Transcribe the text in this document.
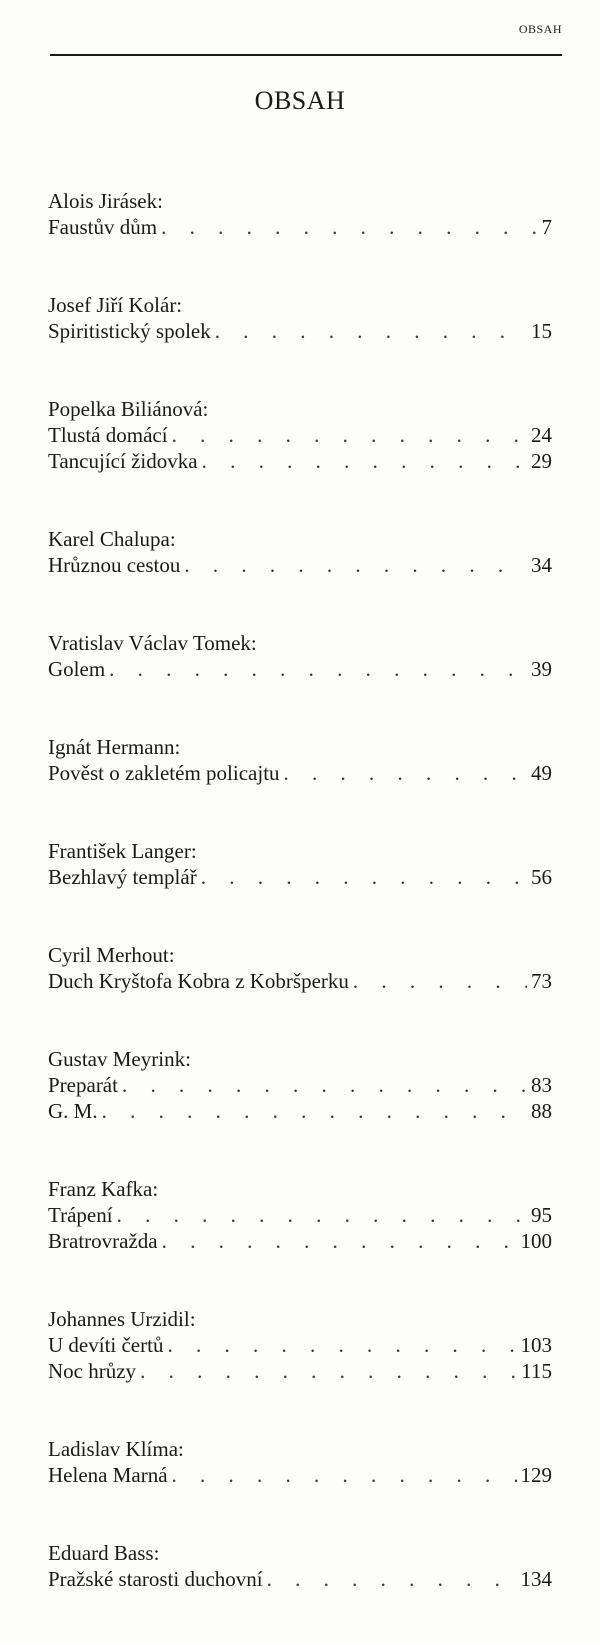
OBSAH
OBSAH
Alois Jirásek:
Faustův dům . . .	7
Josef Jiří Kolár:
Spiritistický spolek . . .	15
Popelka Biliánová:
Tlustá domácí . . .	24
Tancující židovka . . .	29
Karel Chalupa:
Hrůznou cestou . . .	34
Vratislav Václav Tomek:
Golem . . .	39
Ignát Hermann:
Pověst o zakletém policajtu . . .	49
František Langer:
Bezhlavý templář . . .	56
Cyril Merhout:
Duch Kryštofa Kobra z Kobršperku . . .	73
Gustav Meyrink:
Preparát . . .	83
G. M. . . .	88
Franz Kafka:
Trápení . . .	95
Bratrovražda . . .	100
Johannes Urzidil:
U devíti čertů . . .	103
Noc hrůzy . . .	115
Ladislav Klíma:
Helena Marná . . .	129
Eduard Bass:
Pražské starosti duchovní . . .	134
